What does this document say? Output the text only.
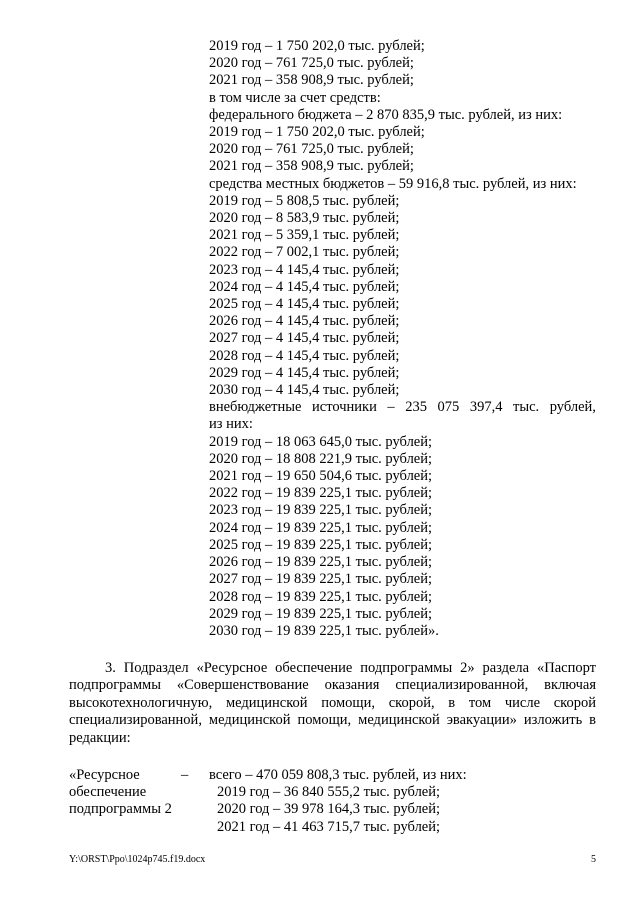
2019 год – 1 750 202,0 тыс. рублей;
2020 год – 761 725,0 тыс. рублей;
2021 год – 358 908,9 тыс. рублей;
в том числе за счет средств:
федерального бюджета – 2 870 835,9 тыс. рублей, из них:
2019 год – 1 750 202,0 тыс. рублей;
2020 год – 761 725,0 тыс. рублей;
2021 год – 358 908,9 тыс. рублей;
средства местных бюджетов – 59 916,8 тыс. рублей, из них:
2019 год – 5 808,5 тыс. рублей;
2020 год – 8 583,9 тыс. рублей;
2021 год – 5 359,1 тыс. рублей;
2022 год – 7 002,1 тыс. рублей;
2023 год – 4 145,4 тыс. рублей;
2024 год – 4 145,4 тыс. рублей;
2025 год – 4 145,4 тыс. рублей;
2026 год – 4 145,4 тыс. рублей;
2027 год – 4 145,4 тыс. рублей;
2028 год – 4 145,4 тыс. рублей;
2029 год – 4 145,4 тыс. рублей;
2030 год – 4 145,4 тыс. рублей;
внебюджетные источники – 235 075 397,4 тыс. рублей,
из них:
2019 год – 18 063 645,0 тыс. рублей;
2020 год – 18 808 221,9 тыс. рублей;
2021 год – 19 650 504,6 тыс. рублей;
2022 год – 19 839 225,1 тыс. рублей;
2023 год – 19 839 225,1 тыс. рублей;
2024 год – 19 839 225,1 тыс. рублей;
2025 год – 19 839 225,1 тыс. рублей;
2026 год – 19 839 225,1 тыс. рублей;
2027 год – 19 839 225,1 тыс. рублей;
2028 год – 19 839 225,1 тыс. рублей;
2029 год – 19 839 225,1 тыс. рублей;
2030 год – 19 839 225,1 тыс. рублей».
3. Подраздел «Ресурсное обеспечение подпрограммы 2» раздела «Паспорт подпрограммы «Совершенствование оказания специализированной, включая высокотехнологичную, медицинской помощи, скорой, в том числе скорой специализированной, медицинской помощи, медицинской эвакуации» изложить в редакции:
«Ресурсное	–	всего – 470 059 808,3 тыс. рублей, из них:
обеспечение	2019 год – 36 840 555,2 тыс. рублей;
подпрограммы 2	2020 год – 39 978 164,3 тыс. рублей;
2021 год – 41 463 715,7 тыс. рублей;
Y:\ORST\Ppo\1024p745.f19.docx	5
